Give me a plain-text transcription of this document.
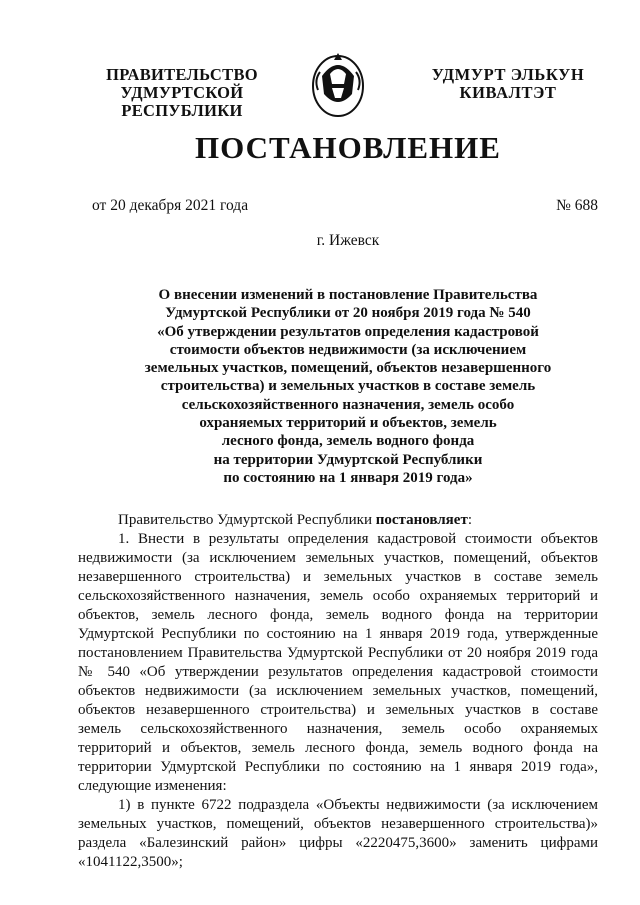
ПРАВИТЕЛЬСТВО
УДМУРТСКОЙ РЕСПУБЛИКИ
УДМУРТ ЭЛЬКУН
КИВАЛТЭТ
ПОСТАНОВЛЕНИЕ
от 20 декабря 2021 года	№ 688
г. Ижевск
О внесении изменений в постановление Правительства
Удмуртской Республики от 20 ноября 2019 года № 540
«Об утверждении результатов определения кадастровой
стоимости объектов недвижимости (за исключением
земельных участков, помещений, объектов незавершенного
строительства) и земельных участков в составе земель
сельскохозяйственного назначения, земель особо
охраняемых территорий и объектов, земель
лесного фонда, земель водного фонда
на территории Удмуртской Республики
по состоянию на 1 января 2019 года»
Правительство Удмуртской Республики постановляет:
1. Внести в результаты определения кадастровой стоимости объектов
недвижимости (за исключением земельных участков, помещений, объектов
незавершенного строительства) и земельных участков в составе земель
сельскохозяйственного назначения, земель особо охраняемых территорий и
объектов, земель лесного фонда, земель водного фонда на территории
Удмуртской Республики по состоянию на 1 января 2019 года, утвержденные
постановлением Правительства Удмуртской Республики от 20 ноября 2019 года
№ 540 «Об утверждении результатов определения кадастровой стоимости
объектов недвижимости (за исключением земельных участков, помещений,
объектов незавершенного строительства) и земельных участков в составе
земель сельскохозяйственного назначения, земель особо охраняемых
территорий и объектов, земель лесного фонда, земель водного фонда на
территории Удмуртской Республики по состоянию на 1 января 2019 года»,
следующие изменения:
1) в пункте 6722 подраздела «Объекты недвижимости (за исключением
земельных участков, помещений, объектов незавершенного строительства)»
раздела «Балезинский район» цифры «2220475,3600» заменить цифрами
«1041122,3500»;
